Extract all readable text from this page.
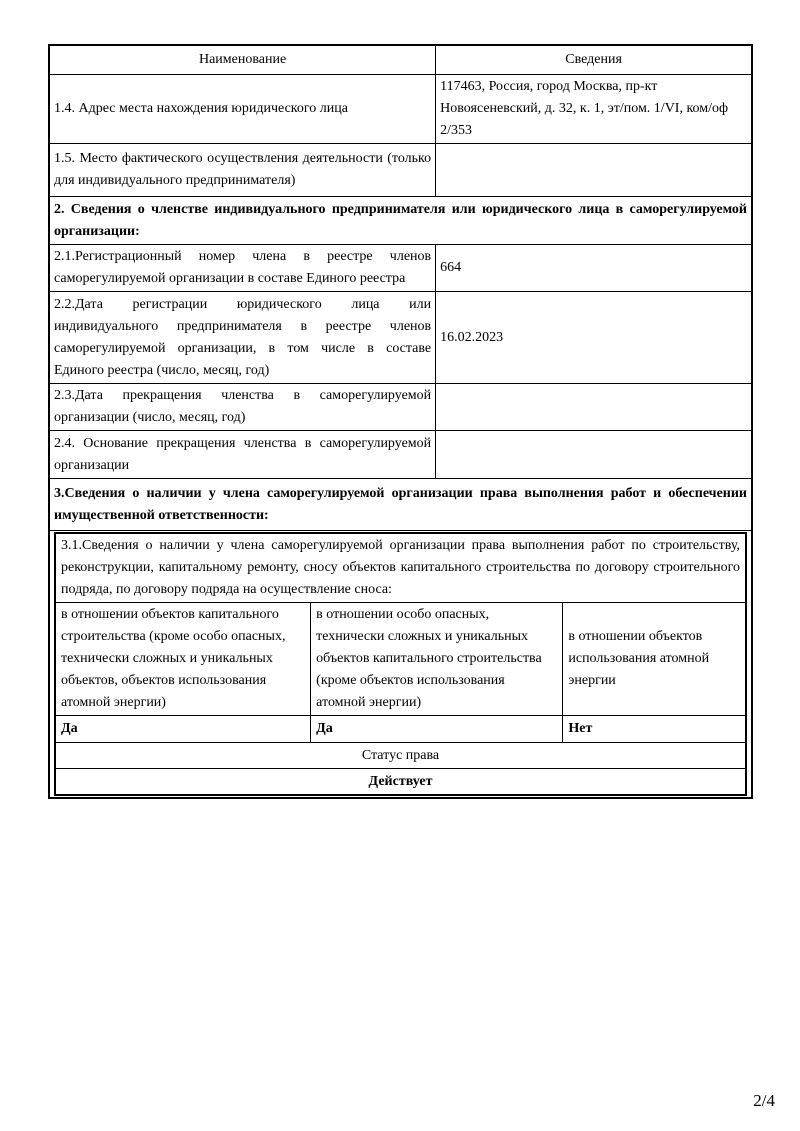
Наименование	Сведения
1.4. Адрес места нахождения юридического лица	117463, Россия, город Москва, пр-кт Новоясеневский, д. 32, к. 1, эт/пом. 1/VI, ком/оф 2/353
1.5. Место фактического осуществления деятельности (только для индивидуального предпринимателя)	
2. Сведения о членстве индивидуального предпринимателя или юридического лица в саморегулируемой организации:
2.1.Регистрационный номер члена в реестре членов саморегулируемой организации в составе Единого реестра	664
2.2.Дата регистрации юридического лица или индивидуального предпринимателя в реестре членов саморегулируемой организации, в том числе в составе Единого реестра (число, месяц, год)	16.02.2023
2.3.Дата прекращения членства в саморегулируемой организации (число, месяц, год)	
2.4. Основание прекращения членства в саморегулируемой организации	
3.Сведения о наличии у члена саморегулируемой организации права выполнения работ и обеспечении имущественной ответственности:

3.1.Сведения о наличии у члена саморегулируемой организации права выполнения работ по строительству, реконструкции, капитальному ремонту, сносу объектов капитального строительства по договору строительного подряда, по договору подряда на осуществление сноса:
в отношении объектов капитального строительства (кроме особо опасных, технически сложных и уникальных объектов, объектов использования атомной энергии)	в отношении особо опасных, технически сложных и уникальных объектов капитального строительства (кроме объектов использования атомной энергии)	в отношении объектов использования атомной энергии
Да	Да	Нет
Статус права
Действует
2/4
